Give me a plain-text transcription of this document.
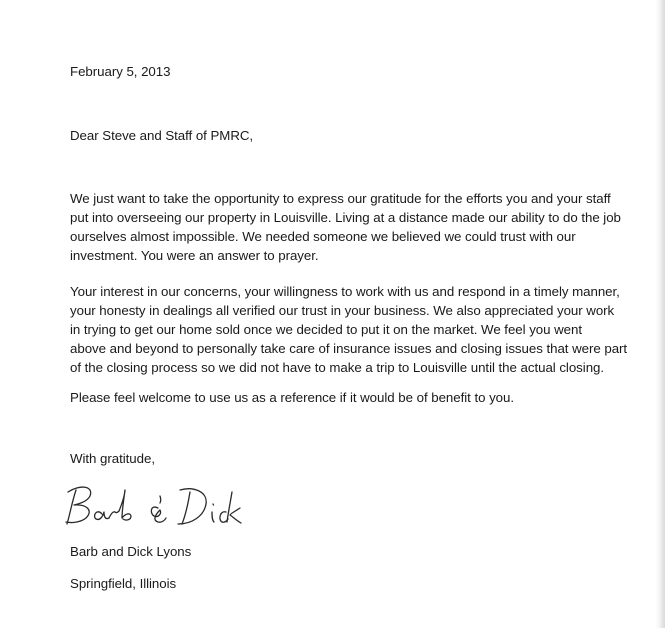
February 5, 2013
Dear Steve and Staff of PMRC,
We just want to take the opportunity to express our gratitude for the efforts you and your staff
put into overseeing our property in Louisville. Living at a distance made our ability to do the job
ourselves almost impossible. We needed someone we believed we could trust with our
investment. You were an answer to prayer.
Your interest in our concerns, your willingness to work with us and respond in a timely manner,
your honesty in dealings all verified our trust in your business. We also appreciated your work
in trying to get our home sold once we decided to put it on the market. We feel you went
above and beyond to personally take care of insurance issues and closing issues that were part
of the closing process so we did not have to make a trip to Louisville until the actual closing.
Please feel welcome to use us as a reference if it would be of benefit to you.
With gratitude,
Barb and Dick Lyons
Springfield, Illinois
